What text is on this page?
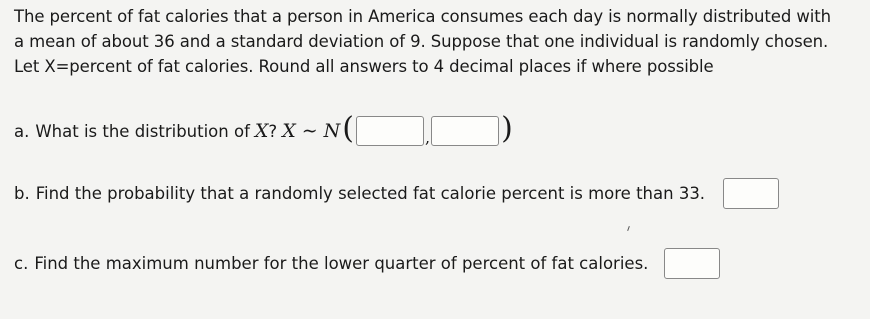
The percent of fat calories that a person in America consumes each day is normally distributed with

a mean of about 36 and a standard deviation of 9. Suppose that one individual is randomly chosen.

Let X=percent of fat calories. Round all answers to 4 decimal places if where possible

a. What is the distribution of X ? X ∼ N (	, )
b. Find the probability that a randomly selected fat calorie percent is more than 33.
c. Find the maximum number for the lower quarter of percent of fat calories.
